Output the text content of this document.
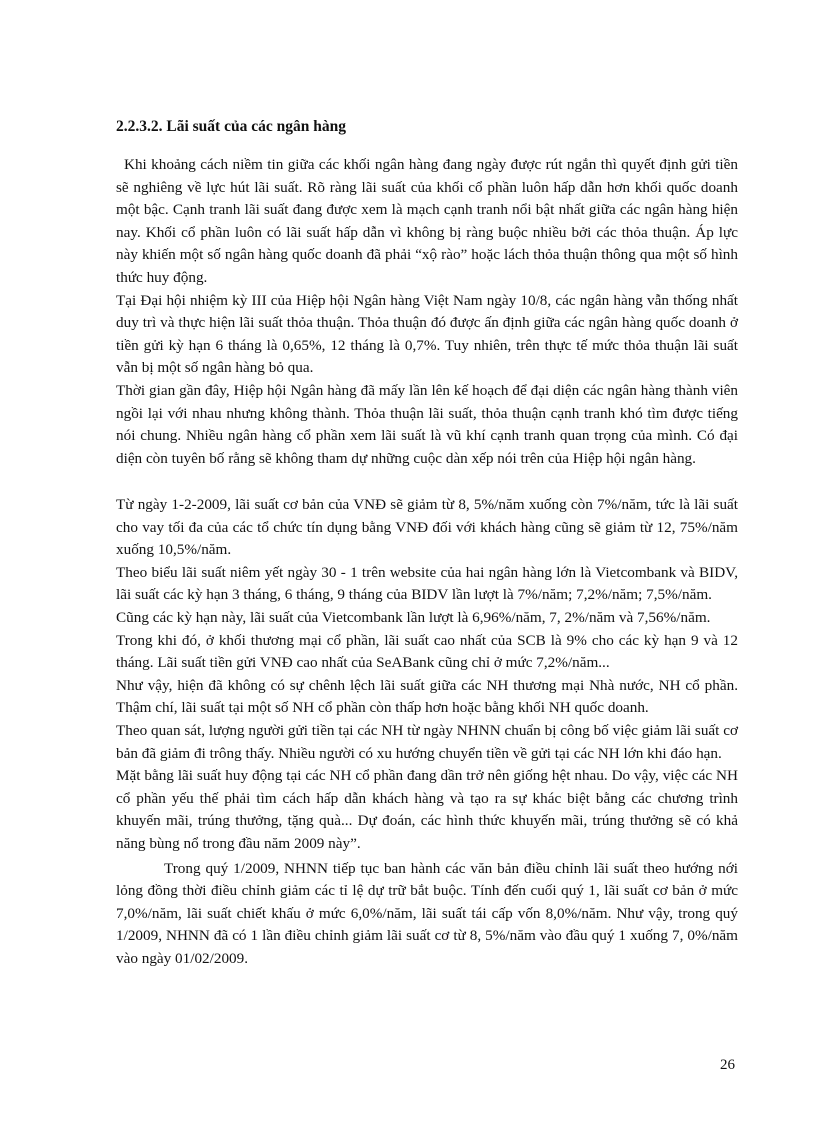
2.2.3.2. Lãi suất của các ngân hàng

Khi khoảng cách niềm tin giữa các khối ngân hàng đang ngày được rút ngắn thì quyết định gửi tiền sẽ nghiêng về lực hút lãi suất. Rõ ràng lãi suất của khối cổ phần luôn hấp dẫn hơn khối quốc doanh một bậc. Cạnh tranh lãi suất đang được xem là mạch cạnh tranh nổi bật nhất giữa các ngân hàng hiện nay. Khối cổ phần luôn có lãi suất hấp dẫn vì không bị ràng buộc nhiều bởi các thỏa thuận. Áp lực này khiến một số ngân hàng quốc doanh đã phải “xộ rào” hoặc lách thỏa thuận thông qua một số hình thức huy động.

Tại Đại hội nhiệm kỳ III của Hiệp hội Ngân hàng Việt Nam ngày 10/8, các ngân hàng vẫn thống nhất duy trì và thực hiện lãi suất thỏa thuận. Thỏa thuận đó được ấn định giữa các ngân hàng quốc doanh ở tiền gửi kỳ hạn 6 tháng là 0,65%, 12 tháng là 0,7%. Tuy nhiên, trên thực tế mức thỏa thuận lãi suất vẫn bị một số ngân hàng bỏ qua.

Thời gian gần đây, Hiệp hội Ngân hàng đã mấy lần lên kế hoạch để đại diện các ngân hàng thành viên ngồi lại với nhau nhưng không thành. Thỏa thuận lãi suất, thỏa thuận cạnh tranh khó tìm được tiếng nói chung. Nhiều ngân hàng cổ phần xem lãi suất là vũ khí cạnh tranh quan trọng của mình. Có đại diện còn tuyên bố rằng sẽ không tham dự những cuộc dàn xếp nói trên của Hiệp hội ngân hàng.

Từ ngày 1-2-2009, lãi suất cơ bản của VNĐ sẽ giảm từ 8, 5%/năm xuống còn 7%/năm, tức là lãi suất cho vay tối đa của các tổ chức tín dụng bằng VNĐ đối với khách hàng cũng sẽ giảm từ 12, 75%/năm xuống 10,5%/năm.

Theo biểu lãi suất niêm yết ngày 30 - 1 trên website của hai ngân hàng lớn là Vietcombank và BIDV, lãi suất các kỳ hạn 3 tháng, 6 tháng, 9 tháng của BIDV lần lượt là 7%/năm; 7,2%/năm; 7,5%/năm.

Cũng các kỳ hạn này, lãi suất của Vietcombank lần lượt là 6,96%/năm, 7, 2%/năm và 7,56%/năm.

Trong khi đó, ở khối thương mại cổ phần, lãi suất cao nhất của SCB là 9% cho các kỳ hạn 9 và 12 tháng. Lãi suất tiền gửi VNĐ cao nhất của SeABank cũng chỉ ở mức 7,2%/năm...

Như vậy, hiện đã không có sự chênh lệch lãi suất giữa các NH thương mại Nhà nước, NH cổ phần. Thậm chí, lãi suất tại một số NH cổ phần còn thấp hơn hoặc bằng khối NH quốc doanh.

Theo quan sát, lượng người gửi tiền tại các NH từ ngày NHNN chuẩn bị công bố việc giảm lãi suất cơ bản đã giảm đi trông thấy. Nhiều người có xu hướng chuyển tiền về gửi tại các NH lớn khi đáo hạn.

Mặt bằng lãi suất huy động tại các NH cổ phần đang dần trở nên giống hệt nhau. Do vậy, việc các NH cổ phần yếu thế phải tìm cách hấp dẫn khách hàng và tạo ra sự khác biệt bằng các chương trình khuyến mãi, trúng thưởng, tặng quà... Dự đoán, các hình thức khuyến mãi, trúng thưởng sẽ có khả năng bùng nổ trong đầu năm 2009 này”.

Trong quý 1/2009, NHNN tiếp tục ban hành các văn bản điều chỉnh lãi suất theo hướng nới lỏng đồng thời điều chỉnh giảm các tỉ lệ dự trữ bắt buộc. Tính đến cuối quý 1, lãi suất cơ bản ở mức 7,0%/năm, lãi suất chiết khấu ở mức 6,0%/năm, lãi suất tái cấp vốn 8,0%/năm. Như vậy, trong quý 1/2009, NHNN đã có 1 lần điều chỉnh giảm lãi suất cơ từ 8, 5%/năm vào đầu quý 1 xuống 7, 0%/năm vào ngày 01/02/2009.

26
